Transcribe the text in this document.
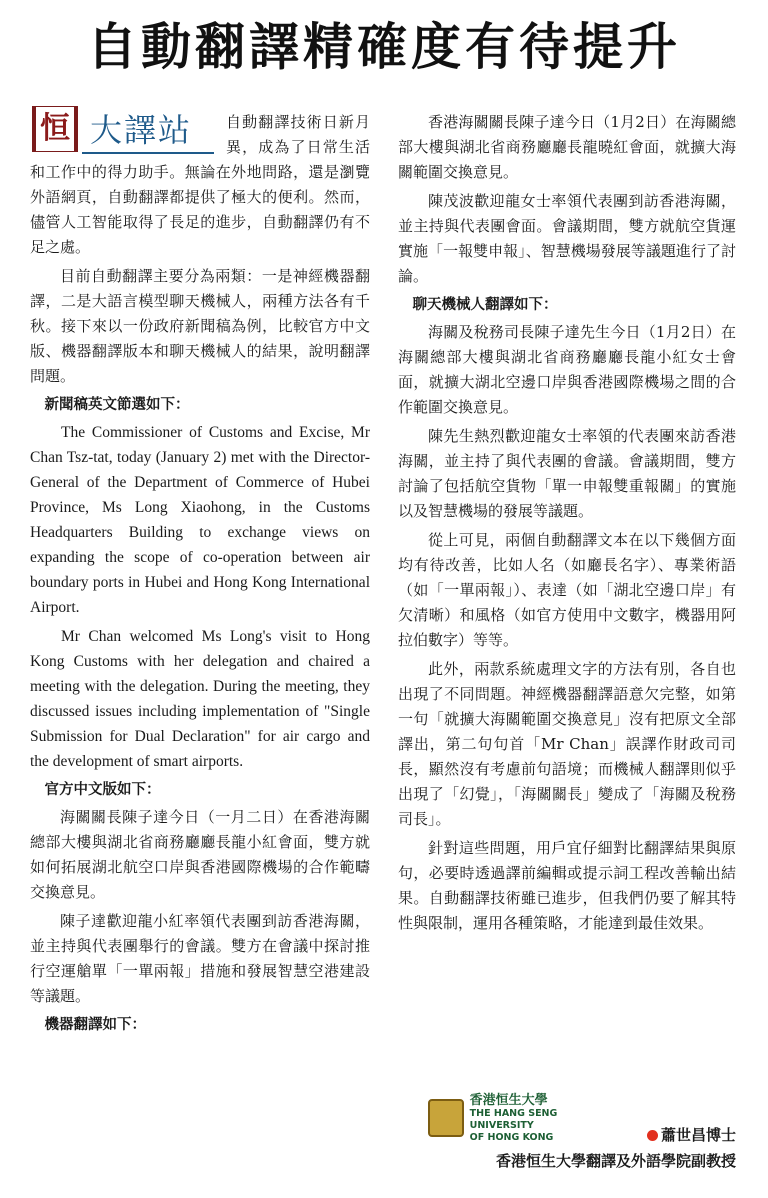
自動翻譯精確度有待提升
恒 大譯站	自動翻譯技術日新月異，成為了日常生活和工作中的得力助手。無論在外地問路，還是瀏覽外語網頁，自動翻譯都提供了極大的便利。然而，儘管人工智能取得了長足的進步，自動翻譯仍有不足之處。

目前自動翻譯主要分為兩類：一是神經機器翻譯，二是大語言模型聊天機械人，兩種方法各有千秋。接下來以一份政府新聞稿為例，比較官方中文版、機器翻譯版本和聊天機械人的結果，說明翻譯問題。

新聞稿英文節選如下：

The Commissioner of Customs and Excise, Mr Chan Tsz-tat, today (January 2) met with the Director-General of the Department of Commerce of Hubei Province, Ms Long Xiaohong, in the Customs Headquarters Building to exchange views on expanding the scope of co-operation between air boundary ports in Hubei and Hong Kong International Airport.

Mr Chan welcomed Ms Long's visit to Hong Kong Customs with her delegation and chaired a meeting with the delegation. During the meeting, they discussed issues including implementation of "Single Submission for Dual Declaration" for air cargo and the development of smart airports.

官方中文版如下：

海關關長陳子達今日（一月二日）在香港海關總部大樓與湖北省商務廳廳長龍小紅會面，雙方就如何拓展湖北航空口岸與香港國際機場的合作範疇交換意見。

陳子達歡迎龍小紅率領代表團到訪香港海關，並主持與代表團舉行的會議。雙方在會議中探討推行空運艙單「一單兩報」措施和發展智慧空港建設等議題。

機器翻譯如下：

香港海關關長陳子達今日（1月2日）在海關總部大樓與湖北省商務廳廳長龍曉紅會面，就擴大海關範圍交換意見。

陳茂波歡迎龍女士率領代表團到訪香港海關，並主持與代表團會面。會議期間，雙方就航空貨運實施「一報雙申報」、智慧機場發展等議題進行了討論。

聊天機械人翻譯如下：

海關及稅務司長陳子達先生今日（1月2日）在海關總部大樓與湖北省商務廳廳長龍小紅女士會面，就擴大湖北空邊口岸與香港國際機場之間的合作範圍交換意見。

陳先生熱烈歡迎龍女士率領的代表團來訪香港海關，並主持了與代表團的會議。會議期間，雙方討論了包括航空貨物「單一申報雙重報關」的實施以及智慧機場的發展等議題。

從上可見，兩個自動翻譯文本在以下幾個方面均有待改善，比如人名（如廳長名字）、專業術語（如「一單兩報」）、表達（如「湖北空邊口岸」有欠清晰）和風格（如官方使用中文數字，機器用阿拉伯數字）等等。

此外，兩款系統處理文字的方法有別，各自也出現了不同問題。神經機器翻譯語意欠完整，如第一句「就擴大海關範圍交換意見」沒有把原文全部譯出，第二句句首「Mr Chan」誤譯作財政司司長，顯然沒有考慮前句語境；而機械人翻譯則似乎出現了「幻覺」，「海關關長」變成了「海關及稅務司長」。

針對這些問題，用戶宜仔細對比翻譯結果與原句，必要時透過譯前編輯或提示詞工程改善輸出結果。自動翻譯技術雖已進步，但我們仍要了解其特性與限制，運用各種策略，才能達到最佳效果。

香港恒生大學
THE HANG SENG UNIVERSITY
OF HONG KONG	蕭世昌博士
香港恒生大學翻譯及外語學院副教授
